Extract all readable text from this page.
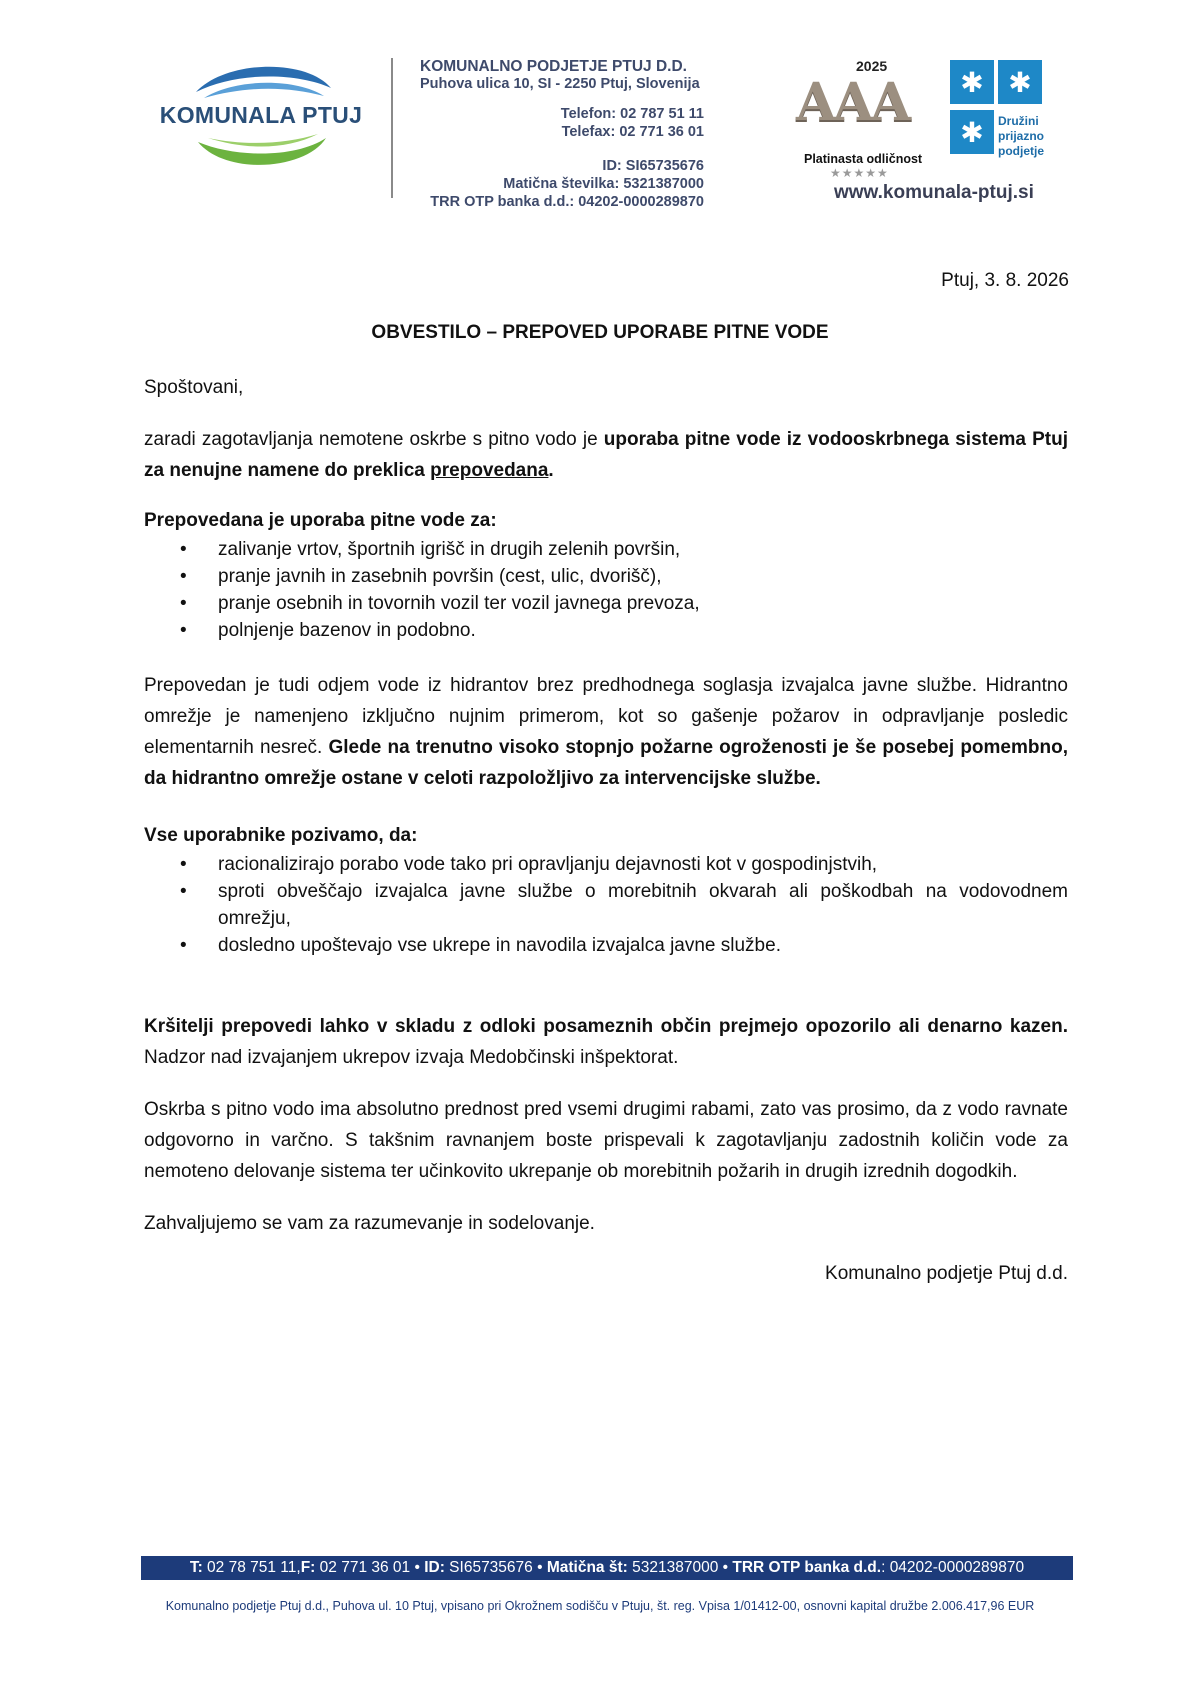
KOMUNALA PTUJ
KOMUNALNO PODJETJE PTUJ D.D.
Puhova ulica 10, SI - 2250 Ptuj, Slovenija
Telefon: 02 787 51 11
Telefax: 02 771 36 01
ID: SI65735676
Matična številka: 5321387000
TRR OTP banka d.d.: 04202-0000289870
2025
AAA
Platinasta odličnost
★★★★★
✱ ✱
✱	Družini
prijazno
podjetje
www.komunala-ptuj.si
Ptuj, 3. 8. 2026
OBVESTILO – PREPOVED UPORABE PITNE VODE

Spoštovani,

zaradi zagotavljanja nemotene oskrbe s pitno vodo je uporaba pitne vode iz vodooskrbnega sistema Ptuj za nenujne namene do preklica prepovedana.

Prepovedana je uporaba pitne vode za:

• zalivanje vrtov, športnih igrišč in drugih zelenih površin,
• pranje javnih in zasebnih površin (cest, ulic, dvorišč),
• pranje osebnih in tovornih vozil ter vozil javnega prevoza,
• polnjenje bazenov in podobno.

Prepovedan je tudi odjem vode iz hidrantov brez predhodnega soglasja izvajalca javne službe. Hidrantno omrežje je namenjeno izključno nujnim primerom, kot so gašenje požarov in odpravljanje posledic elementarnih nesreč. Glede na trenutno visoko stopnjo požarne ogroženosti je še posebej pomembno, da hidrantno omrežje ostane v celoti razpoložljivo za intervencijske službe.

Vse uporabnike pozivamo, da:

• racionalizirajo porabo vode tako pri opravljanju dejavnosti kot v gospodinjstvih,
• sproti obveščajo izvajalca javne službe o morebitnih okvarah ali poškodbah na vodovodnem omrežju,
• dosledno upoštevajo vse ukrepe in navodila izvajalca javne službe.

Kršitelji prepovedi lahko v skladu z odloki posameznih občin prejmejo opozorilo ali denarno kazen. Nadzor nad izvajanjem ukrepov izvaja Medobčinski inšpektorat.

Oskrba s pitno vodo ima absolutno prednost pred vsemi drugimi rabami, zato vas prosimo, da z vodo ravnate odgovorno in varčno. S takšnim ravnanjem boste prispevali k zagotavljanju zadostnih količin vode za nemoteno delovanje sistema ter učinkovito ukrepanje ob morebitnih požarih in drugih izrednih dogodkih.

Zahvaljujemo se vam za razumevanje in sodelovanje.

Komunalno podjetje Ptuj d.d.

T: 02 78 751 11,F: 02 771 36 01 • ID: SI65735676 • Matična št: 5321387000 • TRR OTP banka d.d.: 04202-0000289870
Komunalno podjetje Ptuj d.d., Puhova ul. 10 Ptuj, vpisano pri Okrožnem sodišču v Ptuju, št. reg. Vpisa 1/01412-00, osnovni kapital družbe 2.006.417,96 EUR
